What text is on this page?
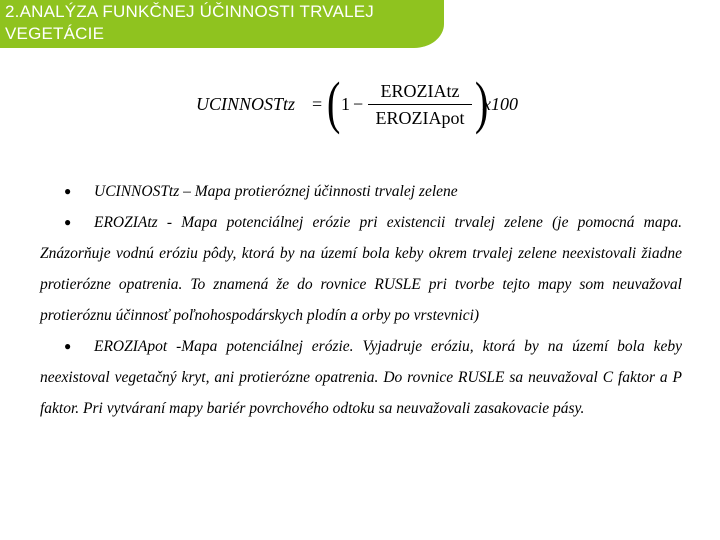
2.ANALÝZA FUNKČNEJ ÚČINNOSTI TRVALEJ VEGETÁCIE
UCINNOSTtz = ( 1 −
EROZIAtz
EROZIApot )
x100

● UCINNOSTtz – Mapa protieróznej účinnosti trvalej zelene

● EROZIAtz - Mapa potenciálnej erózie pri existencii trvalej zelene (je pomocná mapa. Znázorňuje vodnú eróziu pôdy, ktorá by na území bola keby okrem trvalej zelene neexistovali žiadne protierózne opatrenia. To znamená že do rovnice RUSLE pri tvorbe tejto mapy som neuvažoval protieróznu účinnosť poľnohospodárskych plodín a orby po vrstevnici)

● EROZIApot -Mapa potenciálnej erózie. Vyjadruje eróziu, ktorá by na území bola keby neexistoval vegetačný kryt, ani protierózne opatrenia. Do rovnice RUSLE sa neuvažoval C faktor a P faktor. Pri vytváraní mapy bariér povrchového odtoku sa neuvažovali zasakovacie pásy.
